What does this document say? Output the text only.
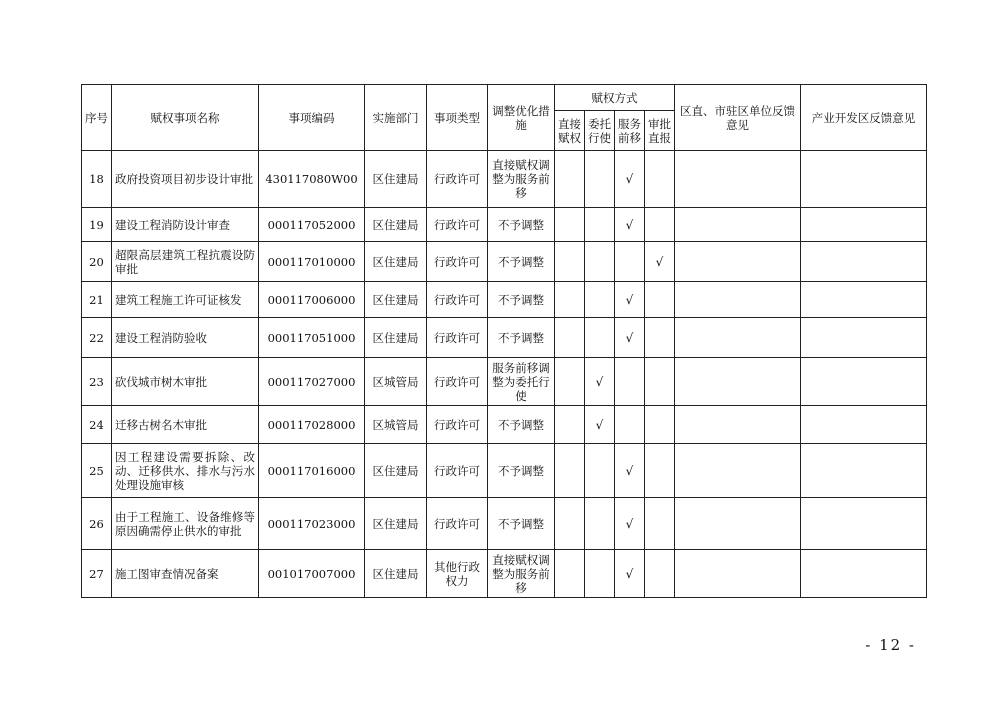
序号	赋权事项名称	事项编码	实施部门	事项类型	调整优化措施	赋权方式				区直、市驻区单位反馈意见	产业开发区反馈意见
						直接赋权	委托行使	服务前移	审批直报		
18	政府投资项目初步设计审批	430117080W00	区住建局	行政许可	直接赋权调整为服务前移			√			
19	建设工程消防设计审查	000117052000	区住建局	行政许可	不予调整			√			
20	超限高层建筑工程抗震设防审批	000117010000	区住建局	行政许可	不予调整				√		
21	建筑工程施工许可证核发	000117006000	区住建局	行政许可	不予调整			√			
22	建设工程消防验收	000117051000	区住建局	行政许可	不予调整			√			
23	砍伐城市树木审批	000117027000	区城管局	行政许可	服务前移调整为委托行使		√				
24	迁移古树名木审批	000117028000	区城管局	行政许可	不予调整		√				
25	因工程建设需要拆除、改动、迁移供水、排水与污水处理设施审核	000117016000	区住建局	行政许可	不予调整			√			
26	由于工程施工、设备维修等原因确需停止供水的审批	000117023000	区住建局	行政许可	不予调整			√			
27	施工图审查情况备案	001017007000	区住建局	其他行政权力	直接赋权调整为服务前移			√			
- 12 -
